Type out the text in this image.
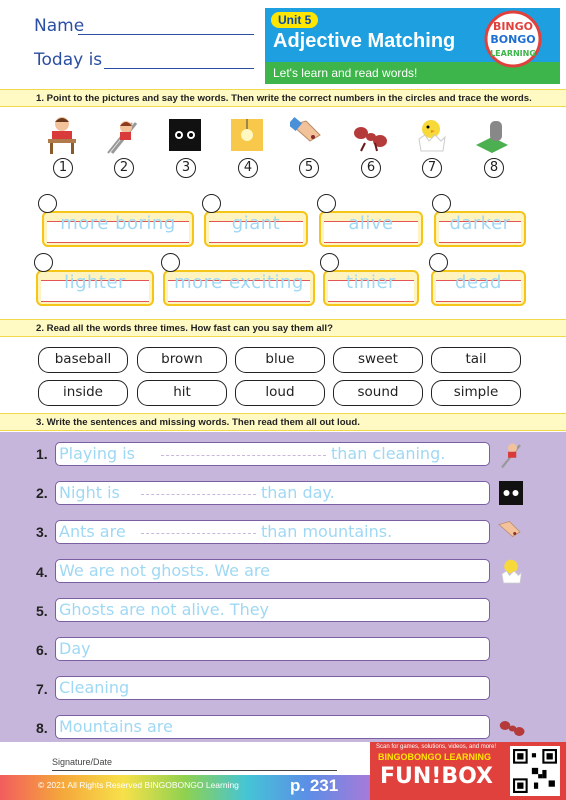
Name
Today is
Unit 5
Adjective Matching
Let's learn and read words!
BINGO
BONGO
LEARNING
1. Point to the pictures and say the words. Then write the correct numbers in the circles and trace the words.
1	2	3	4	5	6	7	8
more boring	giant	alive	darker
lighter	more exciting	tinier	dead
2. Read all the words three times. How fast can you say them all?
baseball	brown	blue	sweet	tail
inside	hit	loud	sound	simple
3. Write the sentences and missing words. Then read them all out loud.
1. Playing is	than cleaning.
2. Night is	than day.
3. Ants are	than mountains.
4. We are not ghosts. We are
5. Ghosts are not alive. They
6. Day
7. Cleaning
8. Mountains are
Signature/Date
© 2021 All Rights Reserved BINGOBONGO Learning	p. 231
Scan for games, solutions, videos, and more!
BINGOBONGO LEARNING
FUN!BOX
